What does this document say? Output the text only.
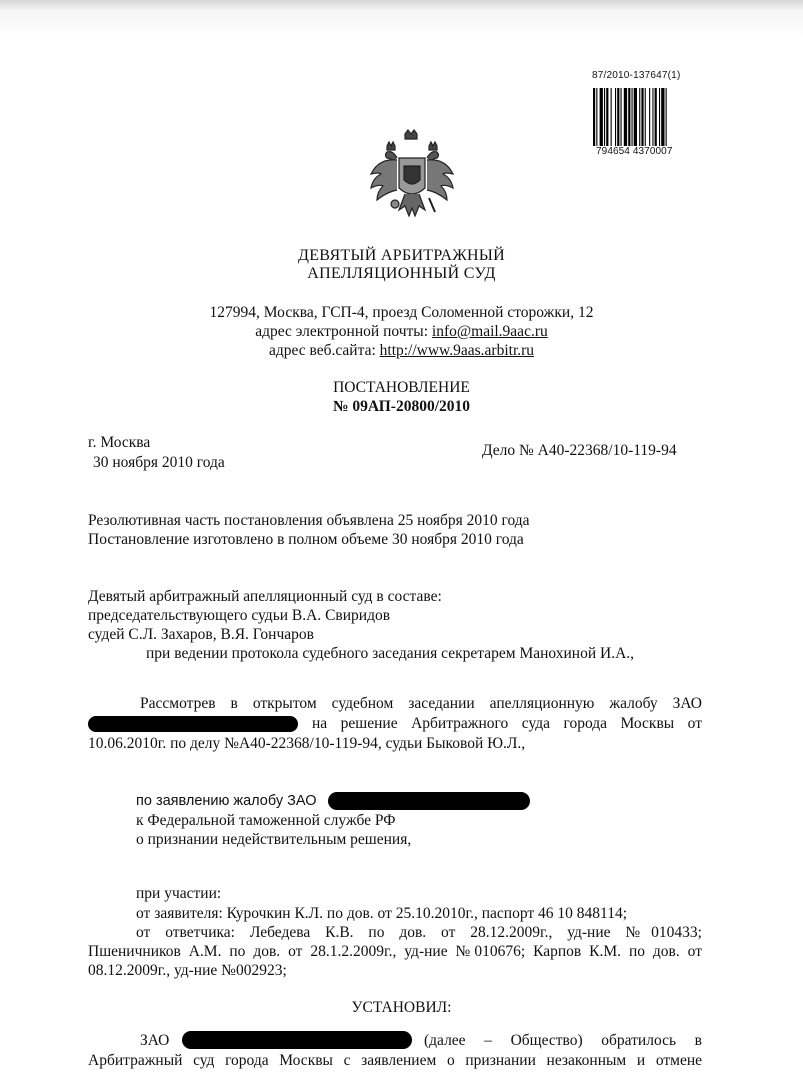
87/2010-137647(1)
794654 4370007
ДЕВЯТЫЙ АРБИТРАЖНЫЙ
АПЕЛЛЯЦИОННЫЙ СУД
127994, Москва, ГСП-4, проезд Соломенной сторожки, 12
адрес электронной почты: info@mail.9aac.ru
адрес веб.сайта: http://www.9aas.arbitr.ru
ПОСТАНОВЛЕНИЕ
№ 09АП-20800/2010
г. Москва
30 ноября 2010 года
Дело № А40-22368/10-119-94
Резолютивная часть постановления объявлена 25 ноября 2010 года
Постановление изготовлено в полном объеме 30 ноября 2010 года
Девятый арбитражный апелляционный суд в составе:
председательствующего судьи В.А. Свиридов
судей С.Л. Захаров, В.Я. Гончаров
при ведении протокола судебного заседания секретарем Манохиной И.А.,
Рассмотрев в открытом судебном заседании апелляционную жалобу ЗАО
на решение Арбитражного суда города Москвы от
10.06.2010г. по делу №А40-22368/10-119-94, судьи Быковой Ю.Л.,
по заявлению жалобу ЗАО
к Федеральной таможенной службе РФ
о признании недействительным решения,
при участии:
от заявителя: Курочкин К.Л. по дов. от 25.10.2010г., паспорт 46 10 848114;
от ответчика: Лебедева К.В. по дов. от 28.12.2009г., уд-ние №010433;
Пшеничников А.М. по дов. от 28.1.2.2009г., уд-ние №010676; Карпов К.М. по дов. от
08.12.2009г., уд-ние №002923;
УСТАНОВИЛ:
ЗАО	(далее – Общество) обратилось в
Арбитражный суд города Москвы с заявлением о признании незаконным и отмене
